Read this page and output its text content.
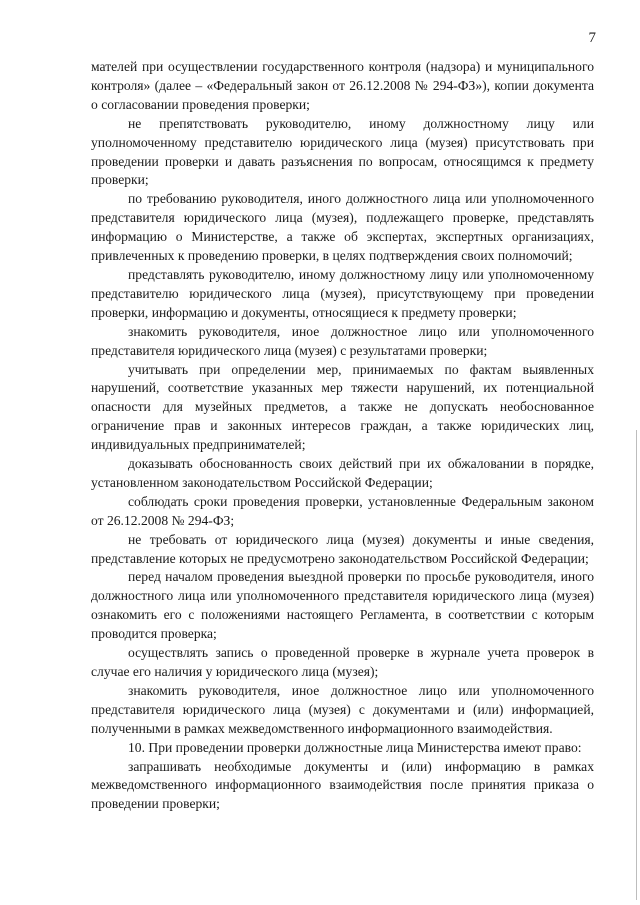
7

мателей при осуществлении государственного контроля (надзора) и муниципального контроля» (далее – «Федеральный закон от 26.12.2008 № 294-ФЗ»), копии документа о согласовании проведения проверки;

не препятствовать руководителю, иному должностному лицу или уполномоченному представителю юридического лица (музея) присутствовать при проведении проверки и давать разъяснения по вопросам, относящимся к предмету проверки;

по требованию руководителя, иного должностного лица или уполномоченного представителя юридического лица (музея), подлежащего проверке, представлять информацию о Министерстве, а также об экспертах, экспертных организациях, привлеченных к проведению проверки, в целях подтверждения своих полномочий;

представлять руководителю, иному должностному лицу или уполномоченному представителю юридического лица (музея), присутствующему при проведении проверки, информацию и документы, относящиеся к предмету проверки;

знакомить руководителя, иное должностное лицо или уполномоченного представителя юридического лица (музея) с результатами проверки;

учитывать при определении мер, принимаемых по фактам выявленных нарушений, соответствие указанных мер тяжести нарушений, их потенциальной опасности для музейных предметов, а также не допускать необоснованное ограничение прав и законных интересов граждан, а также юридических лиц, индивидуальных предпринимателей;

доказывать обоснованность своих действий при их обжаловании в порядке, установленном законодательством Российской Федерации;

соблюдать сроки проведения проверки, установленные Федеральным законом от 26.12.2008 № 294-ФЗ;

не требовать от юридического лица (музея) документы и иные сведения, представление которых не предусмотрено законодательством Российской Федерации;

перед началом проведения выездной проверки по просьбе руководителя, иного должностного лица или уполномоченного представителя юридического лица (музея) ознакомить его с положениями настоящего Регламента, в соответствии с которым проводится проверка;

осуществлять запись о проведенной проверке в журнале учета проверок в случае его наличия у юридического лица (музея);

знакомить руководителя, иное должностное лицо или уполномоченного представителя юридического лица (музея) с документами и (или) информацией, полученными в рамках межведомственного информационного взаимодействия.

10. При проведении проверки должностные лица Министерства имеют право:

запрашивать необходимые документы и (или) информацию в рамках межведомственного информационного взаимодействия после принятия приказа о проведении проверки;
